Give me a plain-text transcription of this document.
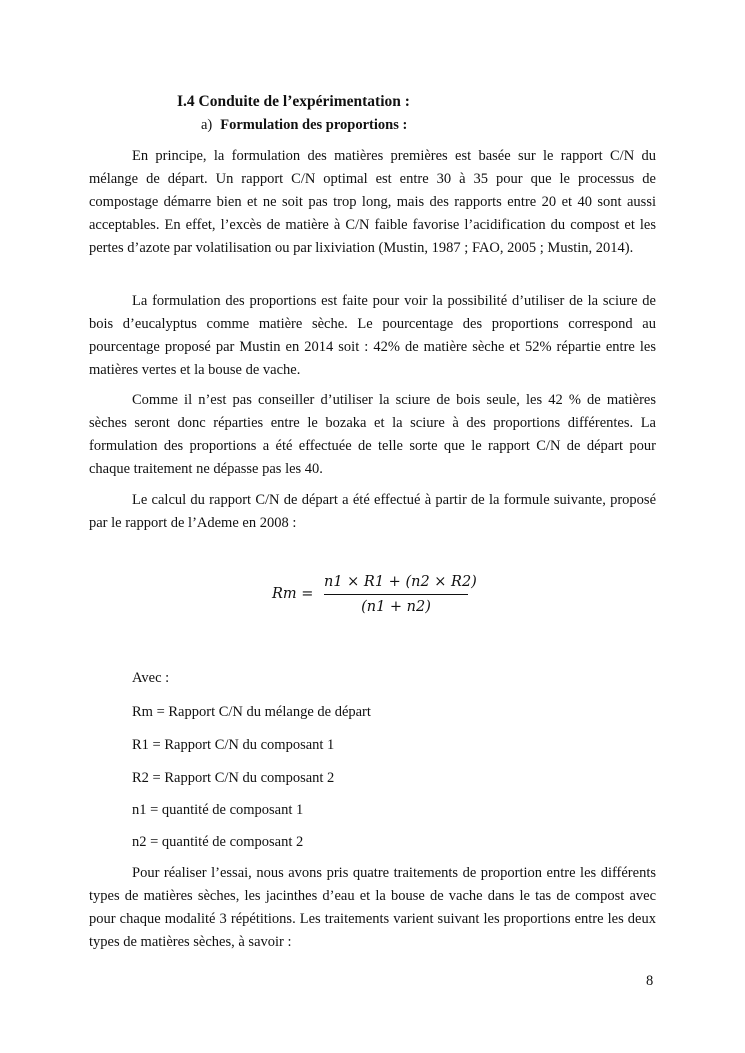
I.4 Conduite de l’expérimentation :

a) Formulation des proportions :

En principe, la formulation des matières premières est basée sur le rapport C/N du mélange de départ. Un rapport C/N optimal est entre 30 à 35 pour que le processus de compostage démarre bien et ne soit pas trop long, mais des rapports entre 20 et 40 sont aussi acceptables. En effet, l’excès de matière à C/N faible favorise l’acidification du compost et les pertes d’azote par volatilisation ou par lixiviation (Mustin, 1987 ; FAO, 2005 ; Mustin, 2014).

La formulation des proportions est faite pour voir la possibilité d’utiliser de la sciure de bois d’eucalyptus comme matière sèche. Le pourcentage des proportions correspond au pourcentage proposé par Mustin en 2014 soit : 42% de matière sèche et 52% répartie entre les matières vertes et la bouse de vache.

Comme il n’est pas conseiller d’utiliser la sciure de bois seule, les 42 % de matières sèches seront donc réparties entre le bozaka et la sciure à des proportions différentes. La formulation des proportions a été effectuée de telle sorte que le rapport C/N de départ pour chaque traitement ne dépasse pas les 40.

Le calcul du rapport C/N de départ a été effectué à partir de la formule suivante, proposé par le rapport de l’Ademe en 2008 :

Rm =
n1 × R1 + (n2 × R2)
(n1 + n2)

Avec :

Rm = Rapport C/N du mélange de départ

R1 = Rapport C/N du composant 1

R2 = Rapport C/N du composant 2

n1 = quantité de composant 1

n2 = quantité de composant 2

Pour réaliser l’essai, nous avons pris quatre traitements de proportion entre les différents types de matières sèches, les jacinthes d’eau et la bouse de vache dans le tas de compost avec pour chaque modalité 3 répétitions. Les traitements varient suivant les proportions entre les deux types de matières sèches, à savoir :

8
